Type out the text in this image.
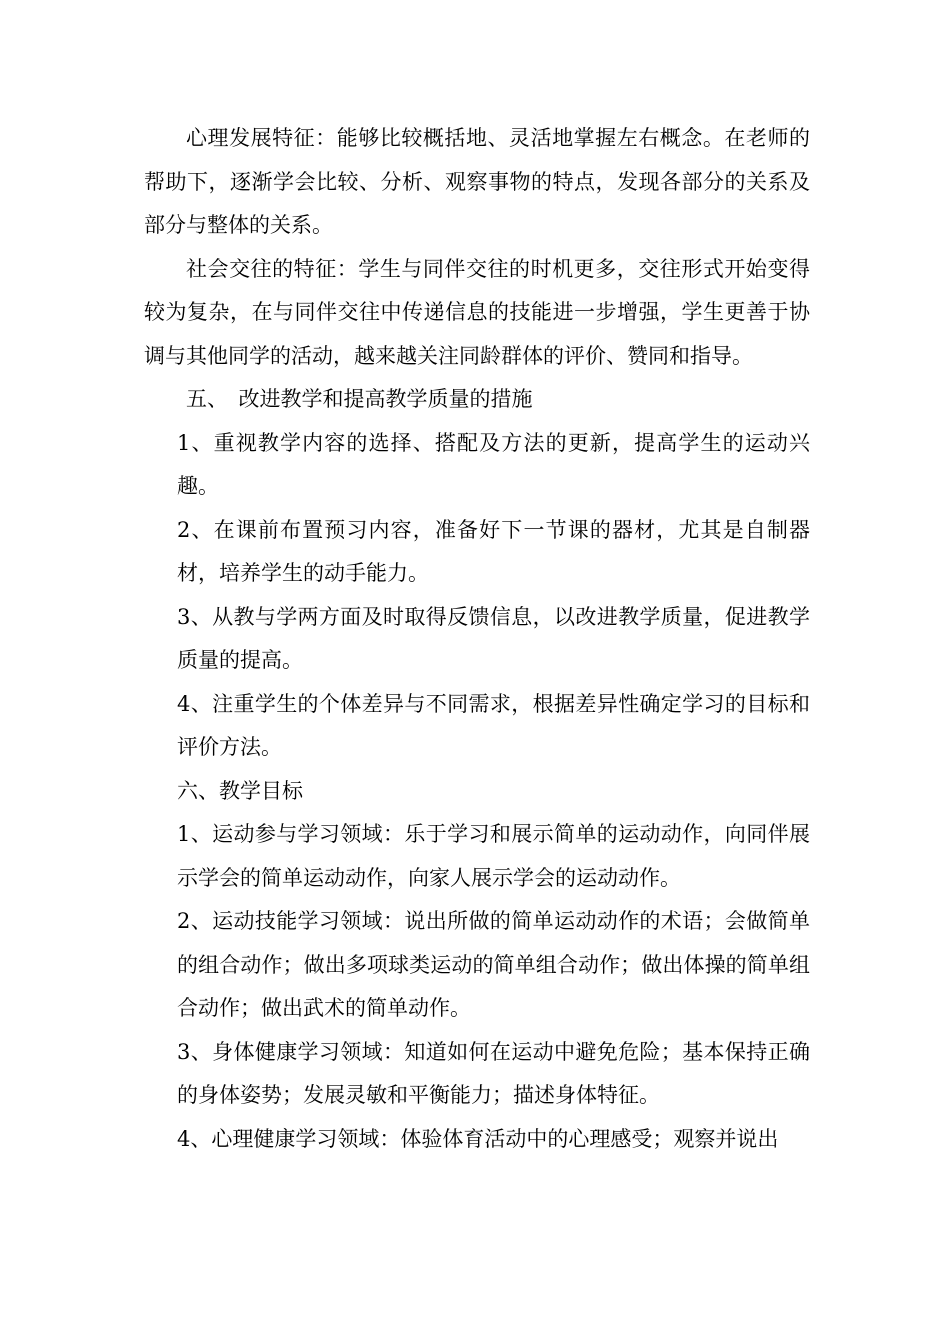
心理发展特征：能够比较概括地、灵活地掌握左右概念。在老师的帮助下，逐渐学会比较、分析、观察事物的特点，发现各部分的关系及部分与整体的关系。

社会交往的特征：学生与同伴交往的时机更多，交往形式开始变得较为复杂，在与同伴交往中传递信息的技能进一步增强，学生更善于协调与其他同学的活动，越来越关注同龄群体的评价、赞同和指导。

五、　改进教学和提高教学质量的措施

1、重视教学内容的选择、搭配及方法的更新，提高学生的运动兴趣。

2、在课前布置预习内容，准备好下一节课的器材，尤其是自制器材，培养学生的动手能力。

3、从教与学两方面及时取得反馈信息，以改进教学质量，促进教学质量的提高。

4、注重学生的个体差异与不同需求，根据差异性确定学习的目标和评价方法。

六、教学目标

1、运动参与学习领域：乐于学习和展示简单的运动动作，向同伴展示学会的简单运动动作，向家人展示学会的运动动作。

2、运动技能学习领域：说出所做的简单运动动作的术语；会做简单的组合动作；做出多项球类运动的简单组合动作；做出体操的简单组合动作；做出武术的简单动作。

3、身体健康学习领域：知道如何在运动中避免危险；基本保持正确的身体姿势；发展灵敏和平衡能力；描述身体特征。

4、心理健康学习领域：体验体育活动中的心理感受；观察并说出
